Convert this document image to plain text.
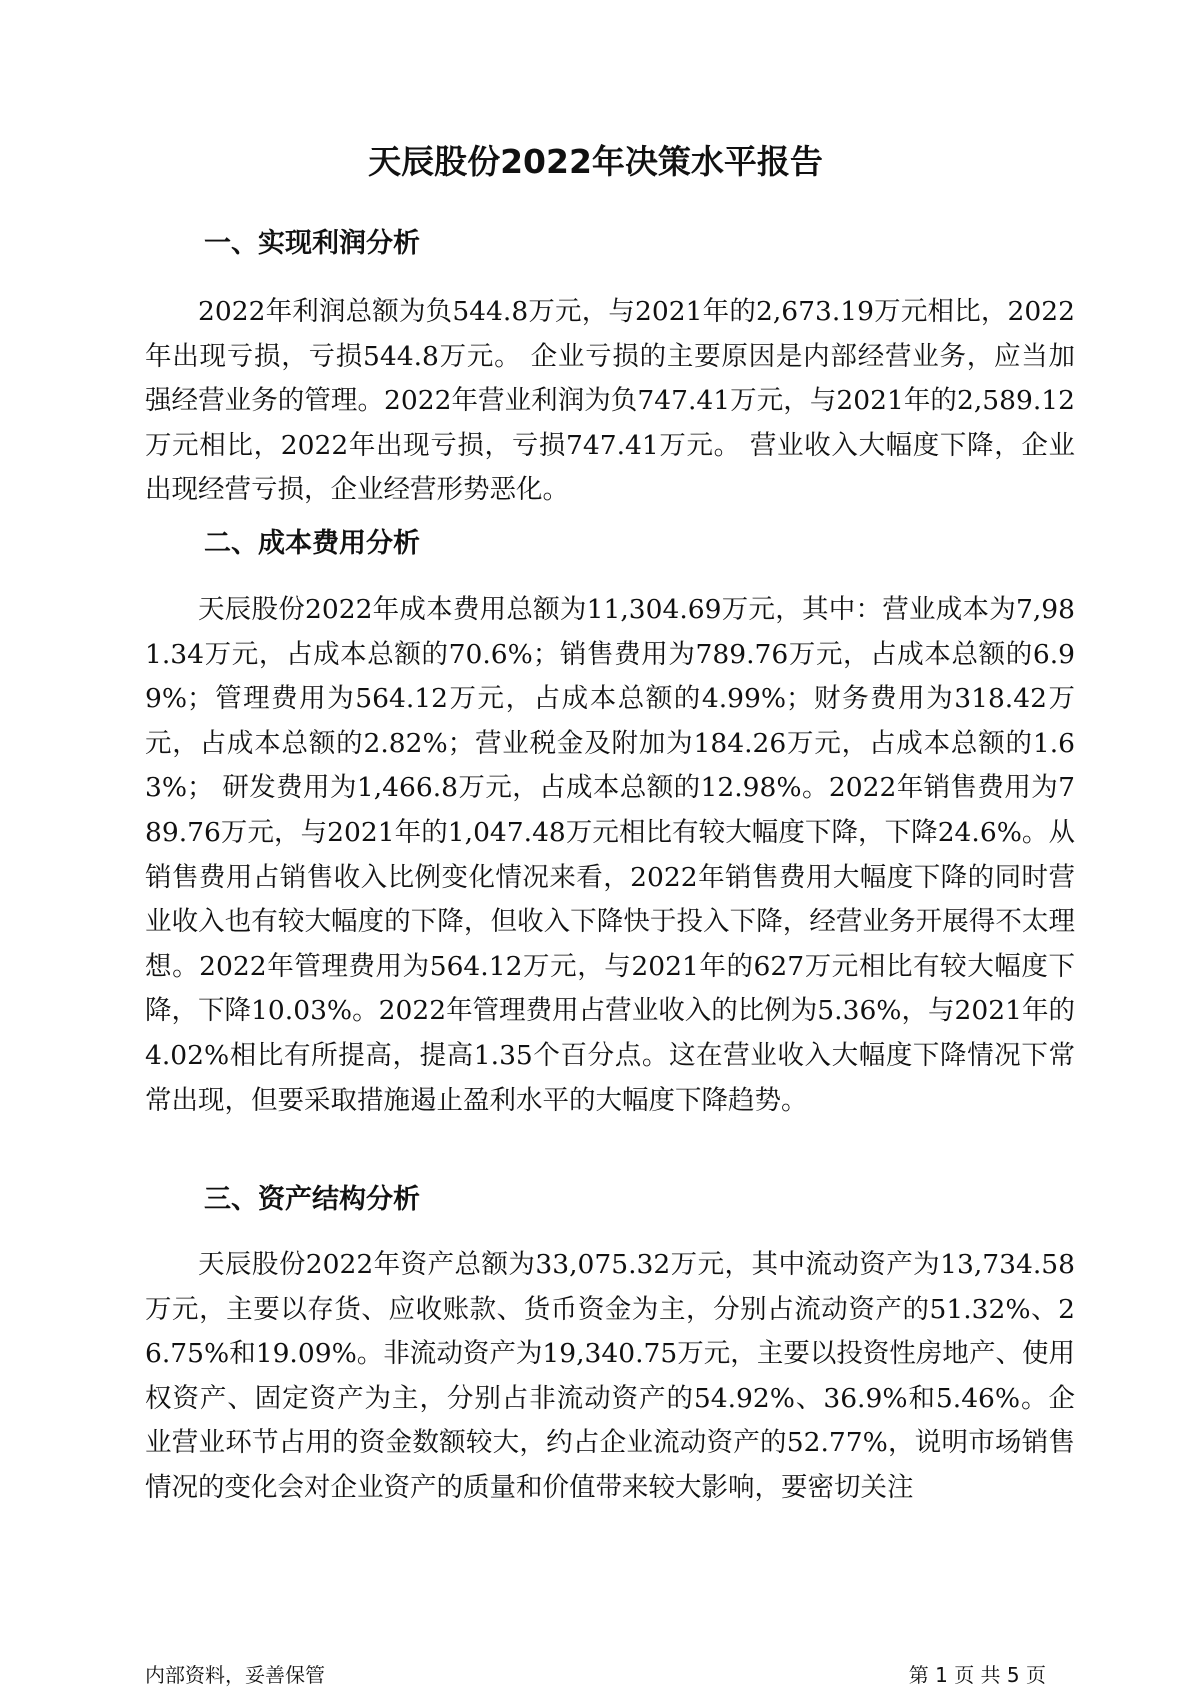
天辰股份2022年决策水平报告
一、实现利润分析

2022年利润总额为负544.8万元，与2021年的2,673.19万元相比，2022年出现亏损，亏损544.8万元。 企业亏损的主要原因是内部经营业务，应当加强经营业务的管理。2022年营业利润为负747.41万元，与2021年的2,589.12万元相比，2022年出现亏损，亏损747.41万元。 营业收入大幅度下降，企业出现经营亏损，企业经营形势恶化。

二、成本费用分析

天辰股份2022年成本费用总额为11,304.69万元，其中：营业成本为7,981.34万元，占成本总额的70.6%；销售费用为789.76万元，占成本总额的6.99%；管理费用为564.12万元，占成本总额的4.99%；财务费用为318.42万元，占成本总额的2.82%；营业税金及附加为184.26万元，占成本总额的1.63%； 研发费用为1,466.8万元，占成本总额的12.98%。2022年销售费用为789.76万元，与2021年的1,047.48万元相比有较大幅度下降，下降24.6%。从销售费用占销售收入比例变化情况来看，2022年销售费用大幅度下降的同时营业收入也有较大幅度的下降，但收入下降快于投入下降，经营业务开展得不太理想。2022年管理费用为564.12万元，与2021年的627万元相比有较大幅度下降，下降10.03%。2022年管理费用占营业收入的比例为5.36%，与2021年的4.02%相比有所提高，提高1.35个百分点。这在营业收入大幅度下降情况下常常出现，但要采取措施遏止盈利水平的大幅度下降趋势。

三、资产结构分析

天辰股份2022年资产总额为33,075.32万元，其中流动资产为13,734.58万元，主要以存货、应收账款、货币资金为主，分别占流动资产的51.32%、26.75%和19.09%。非流动资产为19,340.75万元，主要以投资性房地产、使用权资产、固定资产为主，分别占非流动资产的54.92%、36.9%和5.46%。企业营业环节占用的资金数额较大，约占企业流动资产的52.77%，说明市场销售情况的变化会对企业资产的质量和价值带来较大影响，要密切关注

内部资料，妥善保管	第 1 页 共 5 页
